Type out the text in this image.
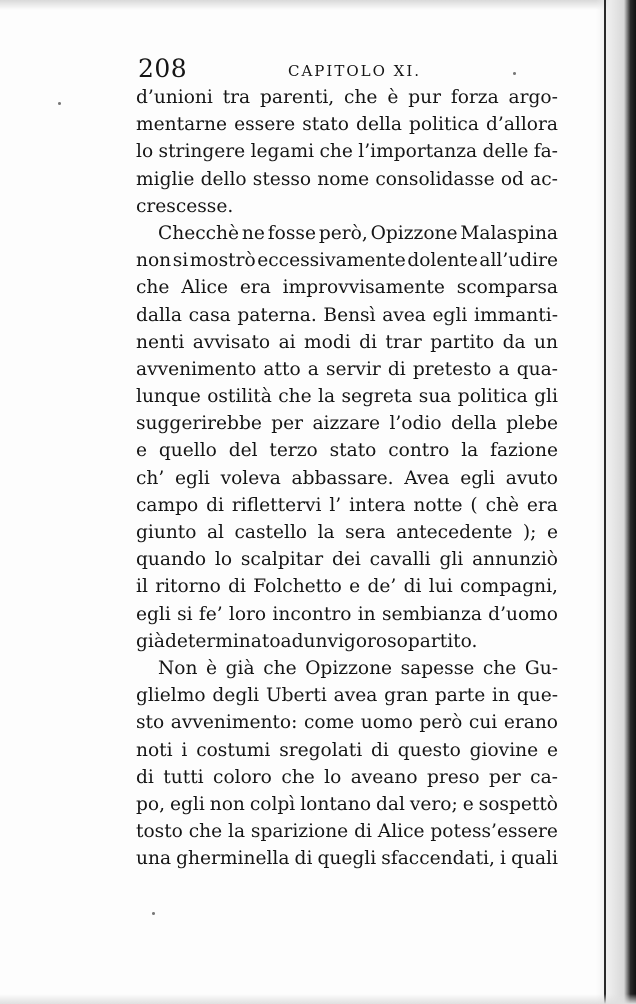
208	CAPITOLO XI.
d’unioni tra parenti, che è pur forza argo-
mentarne essere stato della politica d’allora
lo stringere legami che l’importanza delle fa-
miglie dello stesso nome consolidasse od ac-
crescesse.
Checchè ne fosse però, Opizzone Malaspina
non si mostrò eccessivamente dolente all’udire
che Alice era improvvisamente scomparsa
dalla casa paterna. Bensì avea egli immanti-
nenti avvisato ai modi di trar partito da un
avvenimento atto a servir di pretesto a qua-
lunque ostilità che la segreta sua politica gli
suggerirebbe per aizzare l’odio della plebe
e quello del terzo stato contro la fazione
ch’ egli voleva abbassare. Avea egli avuto
campo di riflettervi l’ intera notte ( chè era
giunto al castello la sera antecedente ); e
quando lo scalpitar dei cavalli gli annunziò
il ritorno di Folchetto e de’ di lui compagni,
egli si fe’ loro incontro in sembianza d’uomo
già determinato ad un vigoroso partito.
Non è già che Opizzone sapesse che Gu-
glielmo degli Uberti avea gran parte in que-
sto avvenimento: come uomo però cui erano
noti i costumi sregolati di questo giovine e
di tutti coloro che lo aveano preso per ca-
po, egli non colpì lontano dal vero; e sospettò
tosto che la sparizione di Alice potess’essere
una gherminella di quegli sfaccendati, i quali
